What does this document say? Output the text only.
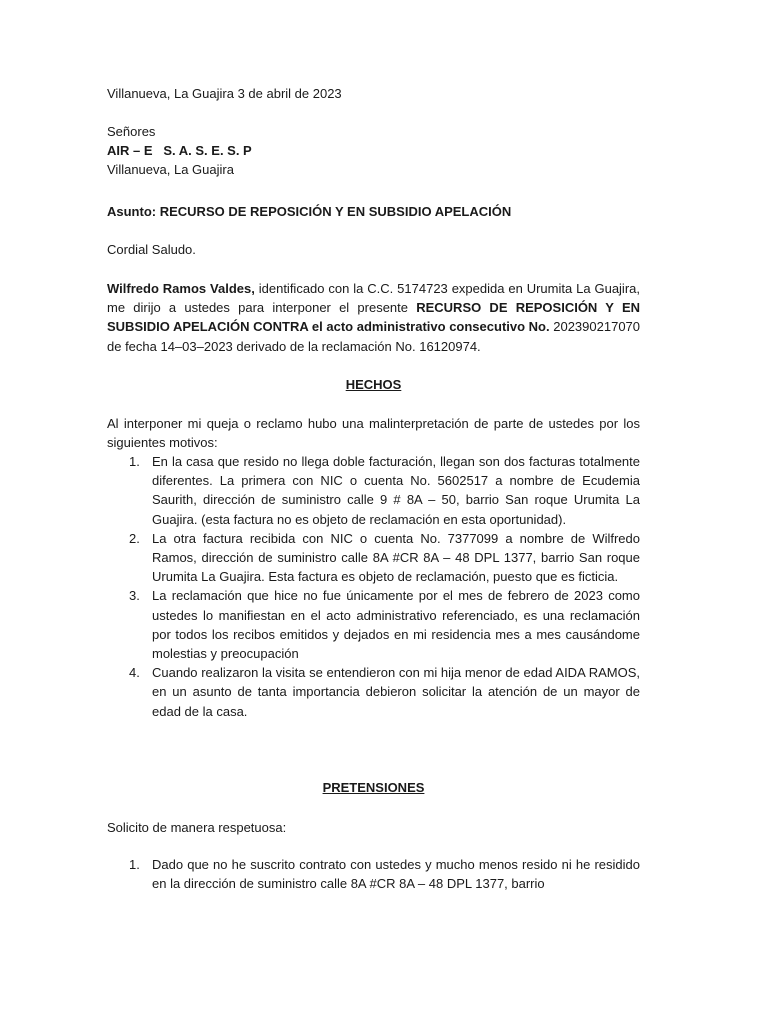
Villanueva, La Guajira 3 de abril de 2023

Señores

AIR – E   S. A. S. E. S. P

Villanueva, La Guajira

Asunto: RECURSO DE REPOSICIÓN Y EN SUBSIDIO APELACIÓN

Cordial Saludo.

Wilfredo Ramos Valdes, identificado con la C.C. 5174723 expedida en Urumita La Guajira, me dirijo a ustedes para interponer el presente RECURSO DE REPOSICIÓN Y EN SUBSIDIO APELACIÓN CONTRA el acto administrativo consecutivo No. 202390217070 de fecha 14–03–2023 derivado de la reclamación No. 16120974.

HECHOS

Al interponer mi queja o reclamo hubo una malinterpretación de parte de ustedes por los siguientes motivos:

1. En la casa que resido no llega doble facturación, llegan son dos facturas totalmente diferentes. La primera con NIC o cuenta No. 5602517 a nombre de Ecudemia Saurith, dirección de suministro calle 9 # 8A – 50, barrio San roque Urumita La Guajira. (esta factura no es objeto de reclamación en esta oportunidad).
2. La otra factura recibida con NIC o cuenta No. 7377099 a nombre de Wilfredo Ramos, dirección de suministro calle 8A #CR 8A – 48 DPL 1377, barrio San roque Urumita La Guajira. Esta factura es objeto de reclamación, puesto que es ficticia.
3. La reclamación que hice no fue únicamente por el mes de febrero de 2023 como ustedes lo manifiestan en el acto administrativo referenciado, es una reclamación por todos los recibos emitidos y dejados en mi residencia mes a mes causándome molestias y preocupación
4. Cuando realizaron la visita se entendieron con mi hija menor de edad AIDA RAMOS, en un asunto de tanta importancia debieron solicitar la atención de un mayor de edad de la casa.

PRETENSIONES

Solicito de manera respetuosa:

1. Dado que no he suscrito contrato con ustedes y mucho menos resido ni he residido en la dirección de suministro calle 8A #CR 8A – 48 DPL 1377, barrio
